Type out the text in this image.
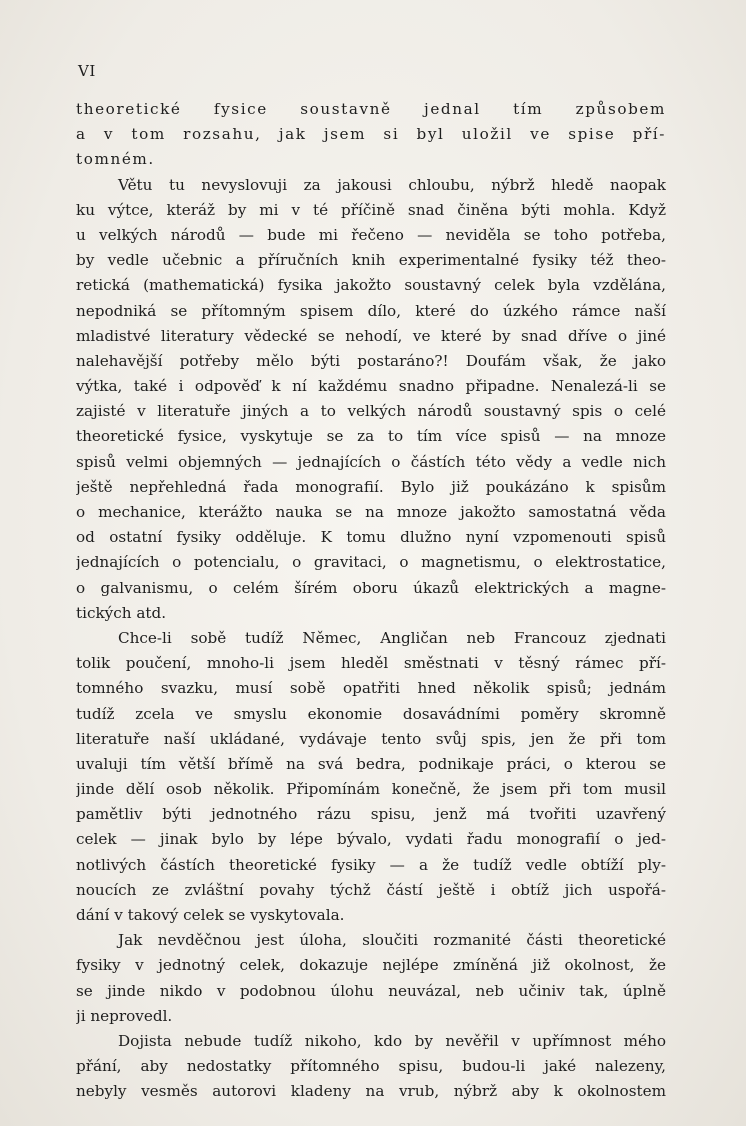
VI
theoretické fysice soustavně jednal tím způsobem
a v tom rozsahu, jak jsem si byl uložil ve spise pří-
tomném.
Větu tu nevyslovuji za jakousi chloubu, nýbrž hledě naopak
ku výtce, kteráž by mi v té příčině snad činěna býti mohla. Když
u velkých národů — bude mi řečeno — neviděla se toho potřeba,
by vedle učebnic a příručních knih experimentalné fysiky též theo-
retická (mathematická) fysika jakožto soustavný celek byla vzdělána,
nepodniká se přítomným spisem dílo, které do úzkého rámce naší
mladistvé literatury vědecké se nehodí, ve které by snad dříve o jiné
nalehavější potřeby mělo býti postaráno?! Doufám však, že jako
výtka, také i odpověď k ní každému snadno připadne. Nenalezá-li se
zajisté v literatuře jiných a to velkých národů soustavný spis o celé
theoretické fysice, vyskytuje se za to tím více spisů — na mnoze
spisů velmi objemných — jednajících o částích této vědy a vedle nich
ještě nepřehledná řada monografií. Bylo již poukázáno k spisům
o mechanice, kterážto nauka se na mnoze jakožto samostatná věda
od ostatní fysiky odděluje. K tomu dlužno nyní vzpomenouti spisů
jednajících o potencialu, o gravitaci, o magnetismu, o elektrostatice,
o galvanismu, o celém šírém oboru úkazů elektrických a magne-
tických atd.
Chce-li sobě tudíž Němec, Angličan neb Francouz zjednati
tolik poučení, mnoho-li jsem hleděl směstnati v těsný rámec pří-
tomného svazku, musí sobě opatřiti hned několik spisů; jednám
tudíž zcela ve smyslu ekonomie dosavádními poměry skromně
literatuře naší ukládané, vydávaje tento svůj spis, jen že při tom
uvaluji tím větší břímě na svá bedra, podnikaje práci, o kterou se
jinde dělí osob několik. Připomínám konečně, že jsem při tom musil
pamětliv býti jednotného rázu spisu, jenž má tvořiti uzavřený
celek — jinak bylo by lépe bývalo, vydati řadu monografií o jed-
notlivých částích theoretické fysiky — a že tudíž vedle obtíží ply-
noucích ze zvláštní povahy týchž částí ještě i obtíž jich uspořá-
dání v takový celek se vyskytovala.
Jak nevděčnou jest úloha, sloučiti rozmanité části theoretické
fysiky v jednotný celek, dokazuje nejlépe zmíněná již okolnost, že
se jinde nikdo v podobnou úlohu neuvázal, neb učiniv tak, úplně
ji neprovedl.
Dojista nebude tudíž nikoho, kdo by nevěřil v upřímnost mého
přání, aby nedostatky přítomného spisu, budou-li jaké nalezeny,
nebyly vesměs autorovi kladeny na vrub, nýbrž aby k okolnostem
